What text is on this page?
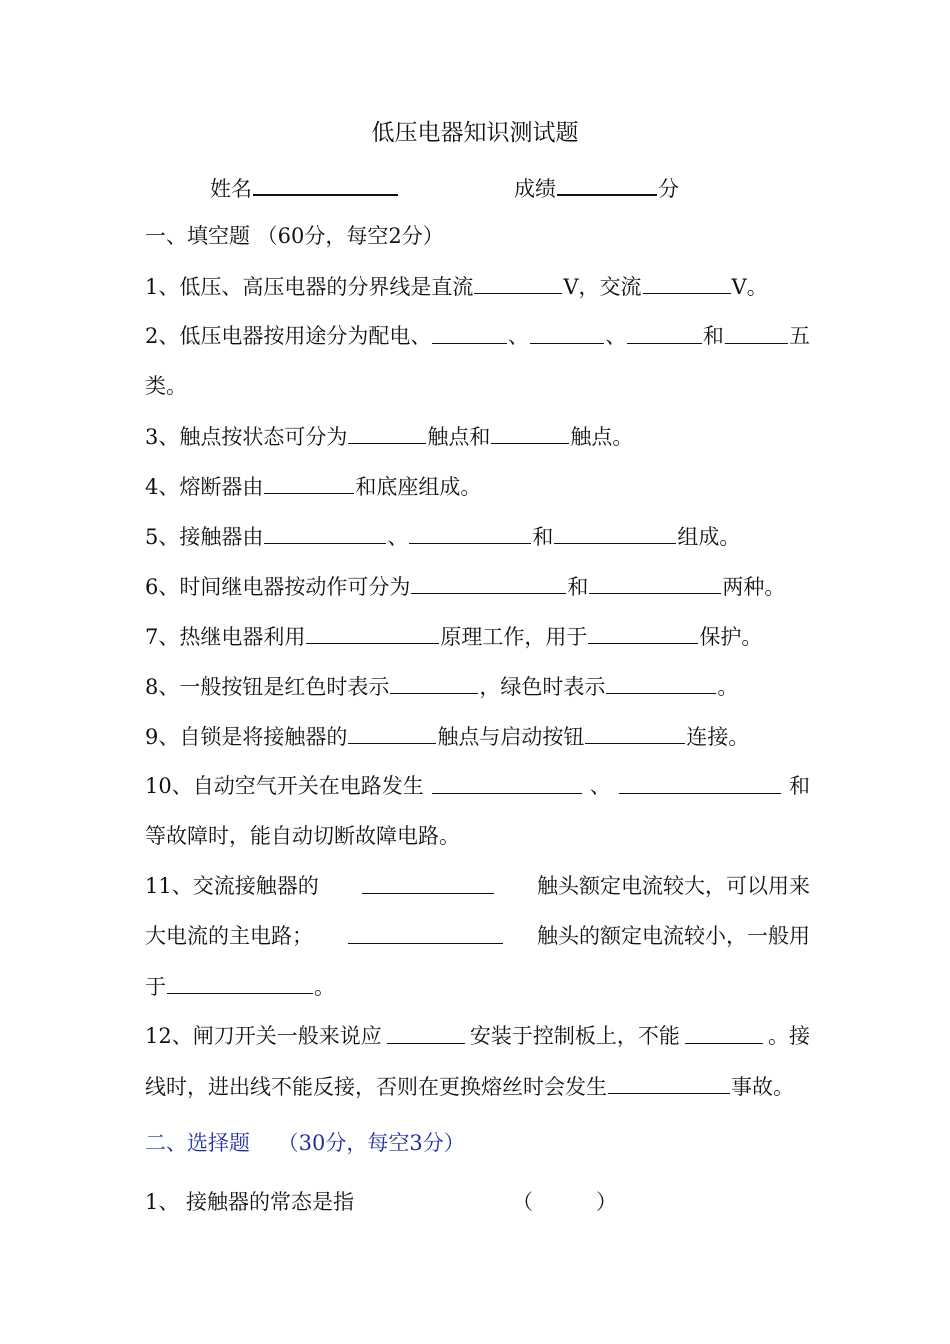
低压电器知识测试题
姓名	成绩	分
一、填空题 （60分，每空2分）
1、低压、高压电器的分界线是直流	V，交流	V。
2、低压电器按用途分为配电、	、	、	和	五
类。
3、触点按状态可分为	触点和	触点。
4、熔断器由	和底座组成。
5、接触器由	、	和	组成。
6、时间继电器按动作可分为	和	两种。
7、热继电器利用	原理工作，用于	保护。
8、一般按钮是红色时表示	，绿色时表示	。
9、自锁是将接触器的	触点与启动按钮	连接。
10、自动空气开关在电路发生	、	和
等故障时，能自动切断故障电路。
11、交流接触器的	触头额定电流较大，可以用来
大电流的主电路；	触头的额定电流较小，一般用
于	。
12、闸刀开关一般来说应	安装于控制板上，不能	。接
线时，进出线不能反接，否则在更换熔丝时会发生	事故。
二、选择题　 （30分，每空3分）
1、 接触器的常态是指	（　　　）
